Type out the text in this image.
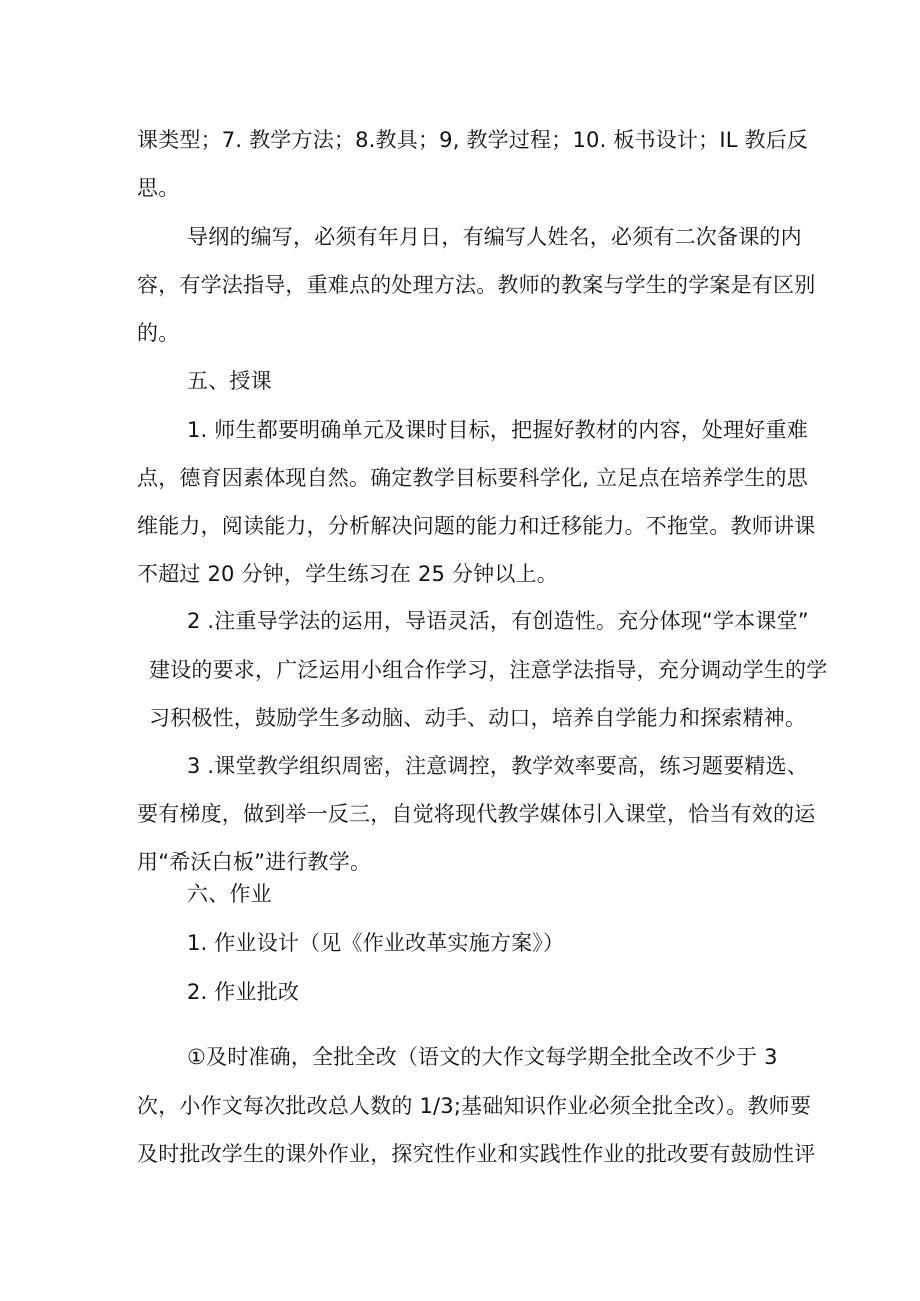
课类型；7. 教学方法；8.教具；9, 教学过程；10. 板书设计；IL 教后反
思。
导纲的编写，必须有年月日，有编写人姓名，必须有二次备课的内
容，有学法指导，重难点的处理方法。教师的教案与学生的学案是有区别
的。
五、授课
1. 师生都要明确单元及课时目标，把握好教材的内容，处理好重难
点，德育因素体现自然。确定教学目标要科学化, 立足点在培养学生的思
维能力，阅读能力，分析解决问题的能力和迁移能力。不拖堂。教师讲课
不超过 20 分钟，学生练习在 25 分钟以上。
2 .注重导学法的运用，导语灵活，有创造性。充分体现“学本课堂”
建设的要求，广泛运用小组合作学习，注意学法指导，充分调动学生的学
习积极性，鼓励学生多动脑、动手、动口，培养自学能力和探索精神。
3 .课堂教学组织周密，注意调控，教学效率要高，练习题要精选、
要有梯度，做到举一反三，自觉将现代教学媒体引入课堂，恰当有效的运
用“希沃白板”进行教学。
六、作业
1. 作业设计（见《作业改革实施方案》）
2. 作业批改
①及时准确，全批全改（语文的大作文每学期全批全改不少于 3
次，小作文每次批改总人数的 1/3;基础知识作业必须全批全改）。教师要
及时批改学生的课外作业，探究性作业和实践性作业的批改要有鼓励性评
